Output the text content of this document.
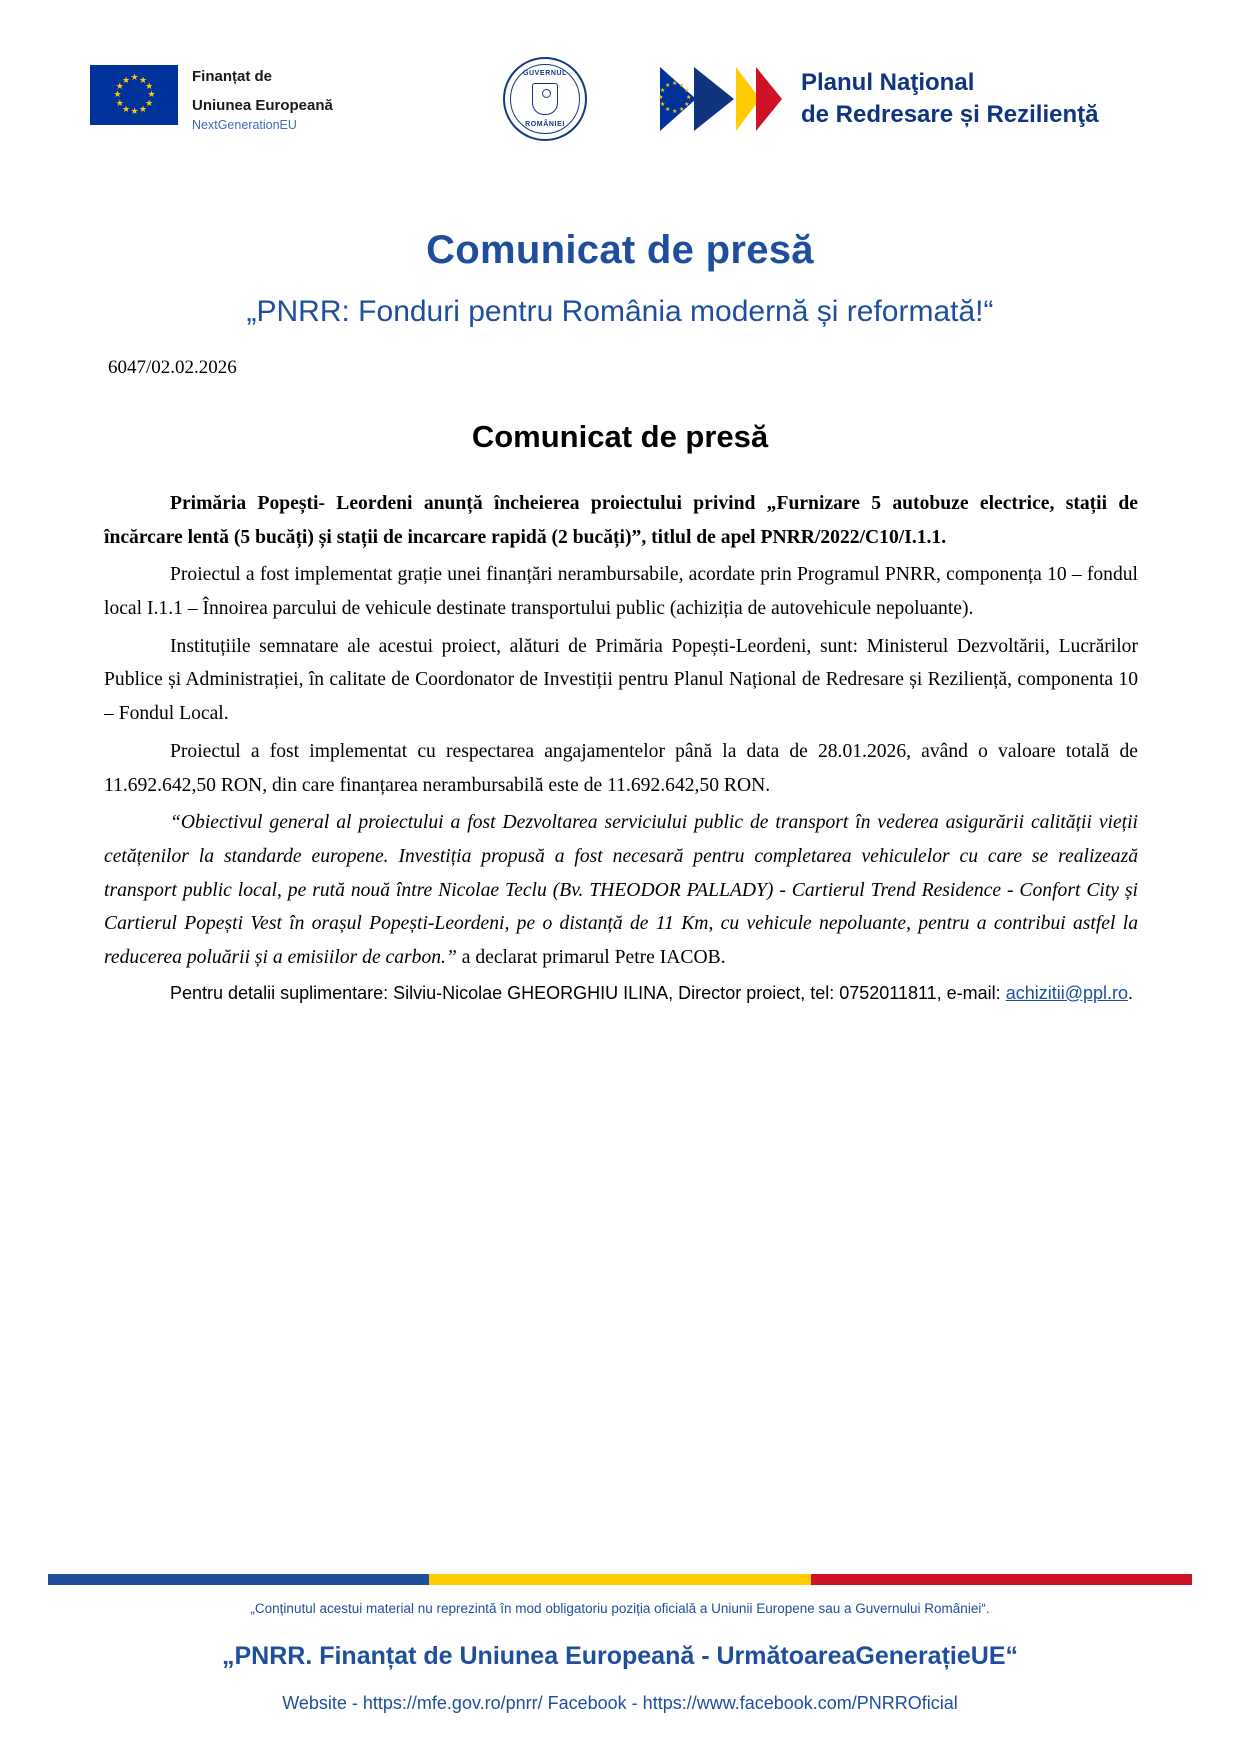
★ ★
★
★
★
★
★
★
★
★
★
★	Finanțat de
Uniunea Europeană
NextGenerationEU
GUVERNUL
ROMÂNIEI
★ ★
★
★
★
★
★
★
★
★
★
★	Planul Naţional
de Redresare și Rezilienţă
Comunicat de presă
„PNRR: Fonduri pentru România modernă și reformată!“
6047/02.02.2026
Comunicat de presă

Primăria Popești- Leordeni anunță încheierea proiectului privind „Furnizare 5 autobuze electrice, stații de încărcare lentă (5 bucăți) și stații de incarcare rapidă (2 bucăți)”, titlul de apel PNRR/2022/C10/I.1.1.

Proiectul a fost implementat grație unei finanțări nerambursabile, acordate prin Programul PNRR, componența 10 – fondul local I.1.1 – Înnoirea parcului de vehicule destinate transportului public (achiziția de autovehicule nepoluante).

Instituțiile semnatare ale acestui proiect, alături de Primăria Popești-Leordeni, sunt: Ministerul Dezvoltării, Lucrărilor Publice și Administrației, în calitate de Coordonator de Investiții pentru Planul Național de Redresare și Reziliență, componenta 10 – Fondul Local.

Proiectul a fost implementat cu respectarea angajamentelor până la data de 28.01.2026, având o valoare totală de 11.692.642,50 RON, din care finanțarea nerambursabilă este de 11.692.642,50 RON.

“Obiectivul general al proiectului a fost Dezvoltarea serviciului public de transport în vederea asigurării calității vieții cetățenilor la standarde europene. Investiția propusă a fost necesară pentru completarea vehiculelor cu care se realizează transport public local, pe rută nouă între Nicolae Teclu (Bv. THEODOR PALLADY) - Cartierul Trend Residence - Confort City și Cartierul Popești Vest în orașul Popești-Leordeni, pe o distanță de 11 Km, cu vehicule nepoluante, pentru a contribui astfel la reducerea poluării și a emisiilor de carbon.” a declarat primarul Petre IACOB.

Pentru detalii suplimentare: Silviu-Nicolae GHEORGHIU ILINA, Director proiect, tel: 0752011811, e-mail: achizitii@ppl.ro.

„Conținutul acestui material nu reprezintă în mod obligatoriu poziția oficială a Uniunii Europene sau a Guvernului României“.
„PNRR. Finanțat de Uniunea Europeană - UrmătoareaGenerațieUE“
Website - https://mfe.gov.ro/pnrr/ Facebook - https://www.facebook.com/PNRROficial
